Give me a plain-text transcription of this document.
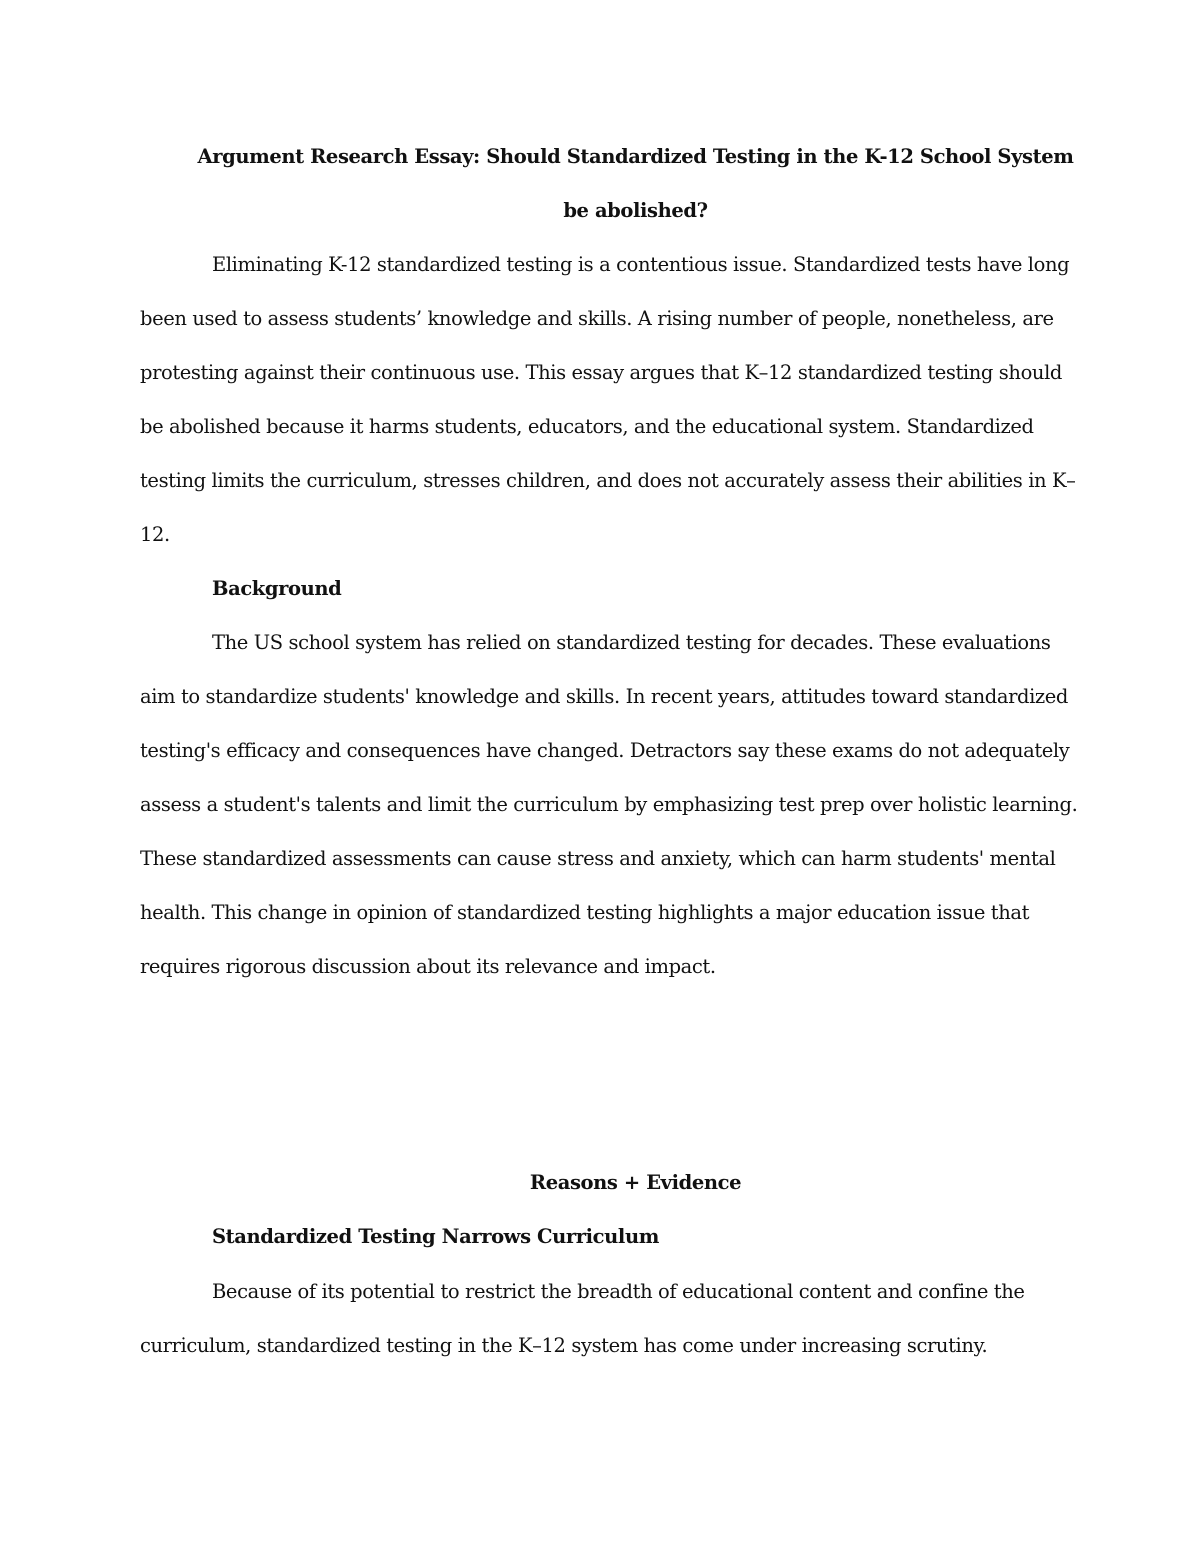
Argument Research Essay: Should Standardized Testing in the K-12 School System
be abolished?
Eliminating K-12 standardized testing is a contentious issue. Standardized tests have long
been used to assess students’ knowledge and skills. A rising number of people, nonetheless, are
protesting against their continuous use. This essay argues that K–12 standardized testing should
be abolished because it harms students, educators, and the educational system. Standardized
testing limits the curriculum, stresses children, and does not accurately assess their abilities in K–
12.
Background
The US school system has relied on standardized testing for decades. These evaluations
aim to standardize students' knowledge and skills. In recent years, attitudes toward standardized
testing's efficacy and consequences have changed. Detractors say these exams do not adequately
assess a student's talents and limit the curriculum by emphasizing test prep over holistic learning.
These standardized assessments can cause stress and anxiety, which can harm students' mental
health. This change in opinion of standardized testing highlights a major education issue that
requires rigorous discussion about its relevance and impact.
Reasons + Evidence
Standardized Testing Narrows Curriculum
Because of its potential to restrict the breadth of educational content and confine the
curriculum, standardized testing in the K–12 system has come under increasing scrutiny.
